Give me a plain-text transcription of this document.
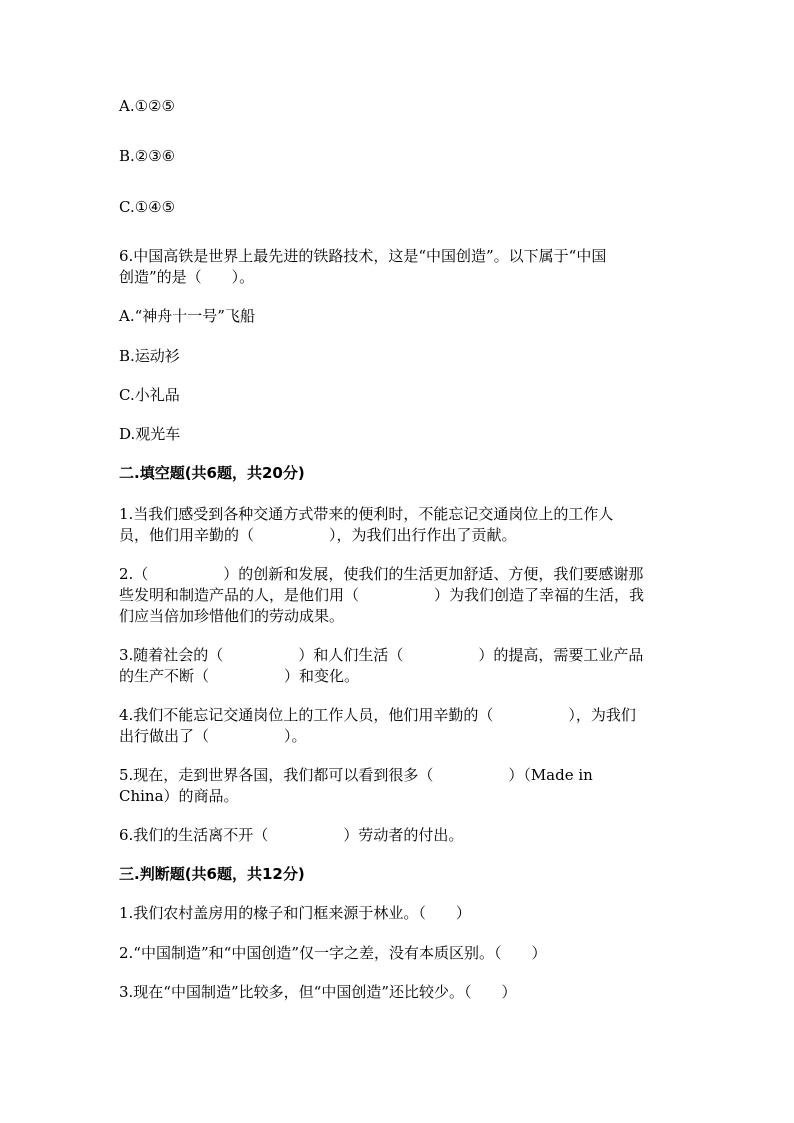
A.①②⑤
B.②③⑥
C.①④⑤
6.中国高铁是世界上最先进的铁路技术，这是“中国创造”。以下属于“中国
创造”的是（　　）。
A.“神舟十一号”飞船
B.运动衫
C.小礼品
D.观光车
二.填空题(共6题，共20分)
1.当我们感受到各种交通方式带来的便利时，不能忘记交通岗位上的工作人
员，他们用辛勤的（　　　　　），为我们出行作出了贡献。
2.（　　　　　）的创新和发展，使我们的生活更加舒适、方便，我们要感谢那
些发明和制造产品的人，是他们用（　　　　　）为我们创造了幸福的生活，我
们应当倍加珍惜他们的劳动成果。
3.随着社会的（　　　　　）和人们生活（　　　　　）的提高，需要工业产品
的生产不断（　　　　　）和变化。
4.我们不能忘记交通岗位上的工作人员，他们用辛勤的（　　　　　），为我们
出行做出了（　　　　　）。
5.现在，走到世界各国，我们都可以看到很多（　　　　　）（Made in
China）的商品。
6.我们的生活离不开（　　　　　）劳动者的付出。
三.判断题(共6题，共12分)
1.我们农村盖房用的椽子和门框来源于林业。（　　）
2.“中国制造”和“中国创造”仅一字之差，没有本质区别。（　　）
3.现在“中国制造”比较多，但“中国创造”还比较少。（　　）
